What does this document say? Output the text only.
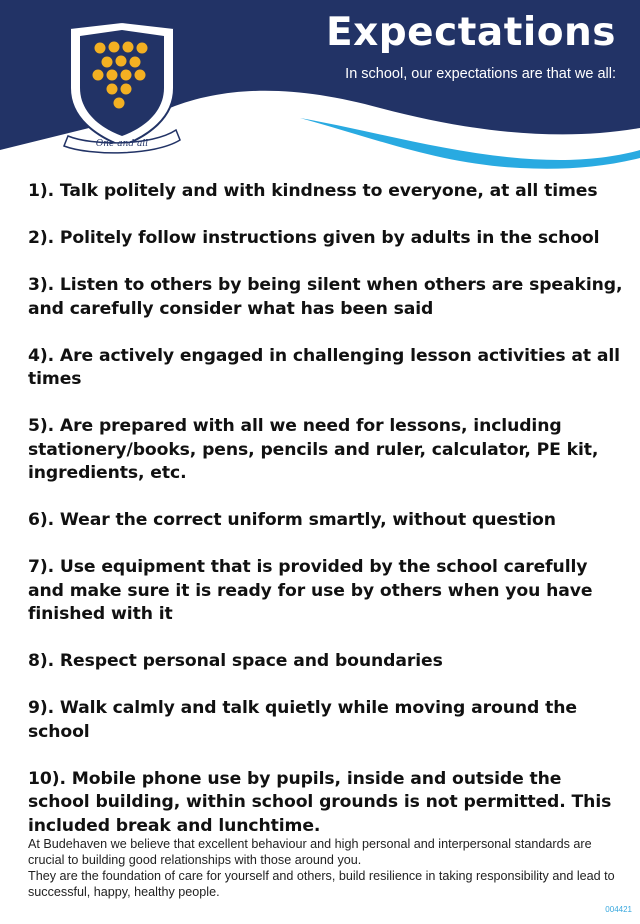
One and all
Expectations

In school, our expectations are that we all:

1). Talk politely and with kindness to everyone, at all times
2). Politely follow instructions given by adults in the school
3). Listen to others by being silent when others are speaking, and carefully consider what has been said
4). Are actively engaged in challenging lesson activities at all times
5). Are prepared with all we need for lessons, including stationery/books, pens, pencils and ruler, calculator, PE kit, ingredients, etc.
6). Wear the correct uniform smartly, without question
7). Use equipment that is provided by the school carefully and make sure it is ready for use by others when you have finished with it
8). Respect personal space and boundaries
9). Walk calmly and talk quietly while moving around the school
10). Mobile phone use by pupils, inside and outside the school building, within school grounds is not permitted. This included break and lunchtime.

At Budehaven we believe that excellent behaviour and high personal and interpersonal standards are crucial to building good relationships with those around you.

They are the foundation of care for yourself and others, build resilience in taking responsibility and lead to successful, happy, healthy people.

004421
